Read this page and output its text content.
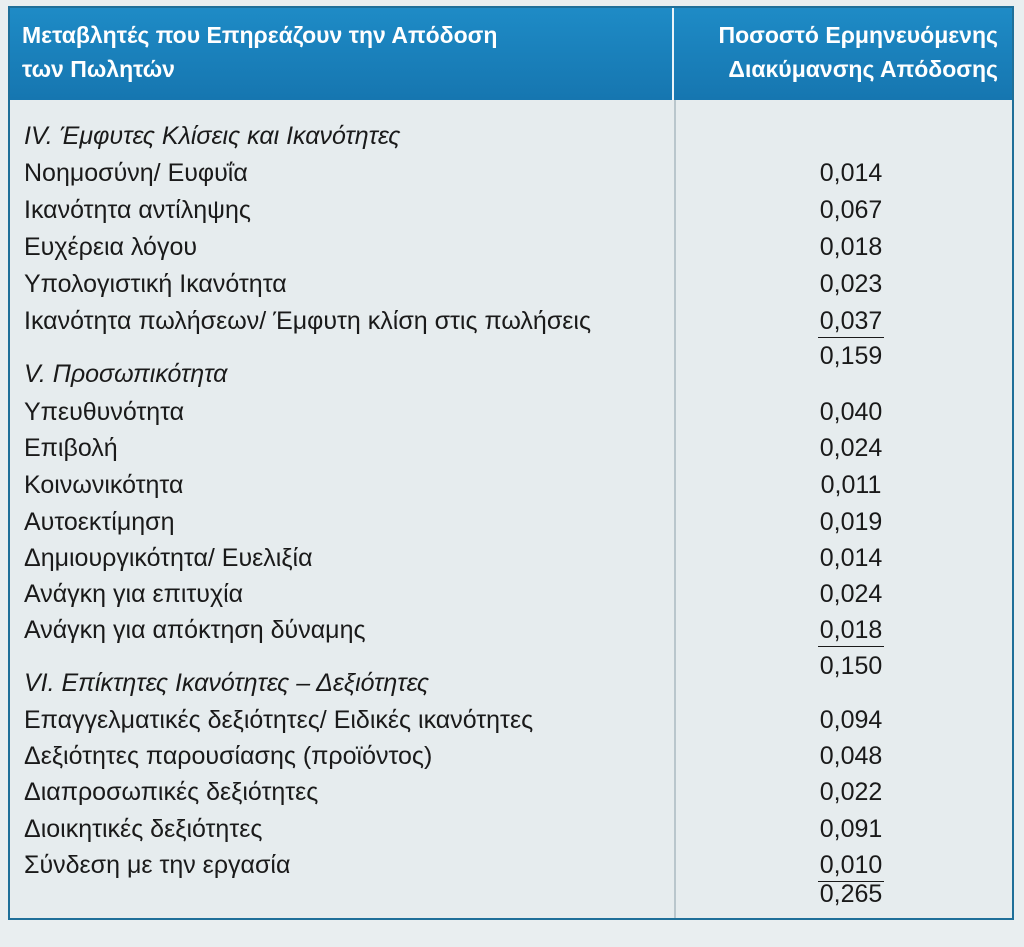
Μεταβλητές που Επηρεάζουν την Απόδοση
των Πωλητών
Ποσοστό Ερμηνευόμενης
Διακύμανσης Απόδοσης
IV. Έμφυτες Κλίσεις και Ικανότητες
Νοημοσύνη/ Ευφυΐα	0,014
Ικανότητα αντίληψης	0,067
Ευχέρεια λόγου	0,018
Υπολογιστική Ικανότητα	0,023
Ικανότητα πωλήσεων/ Έμφυτη κλίση στις πωλήσεις	0,037
0,159
V. Προσωπικότητα
Υπευθυνότητα	0,040
Επιβολή	0,024
Κοινωνικότητα	0,011
Αυτοεκτίμηση	0,019
Δημιουργικότητα/ Ευελιξία	0,014
Ανάγκη για επιτυχία	0,024
Ανάγκη για απόκτηση δύναμης	0,018
0,150
VI. Επίκτητες Ικανότητες – Δεξιότητες
Επαγγελματικές δεξιότητες/ Ειδικές ικανότητες	0,094
Δεξιότητες παρουσίασης (προϊόντος)	0,048
Διαπροσωπικές δεξιότητες	0,022
Διοικητικές δεξιότητες	0,091
Σύνδεση με την εργασία	0,010
0,265
